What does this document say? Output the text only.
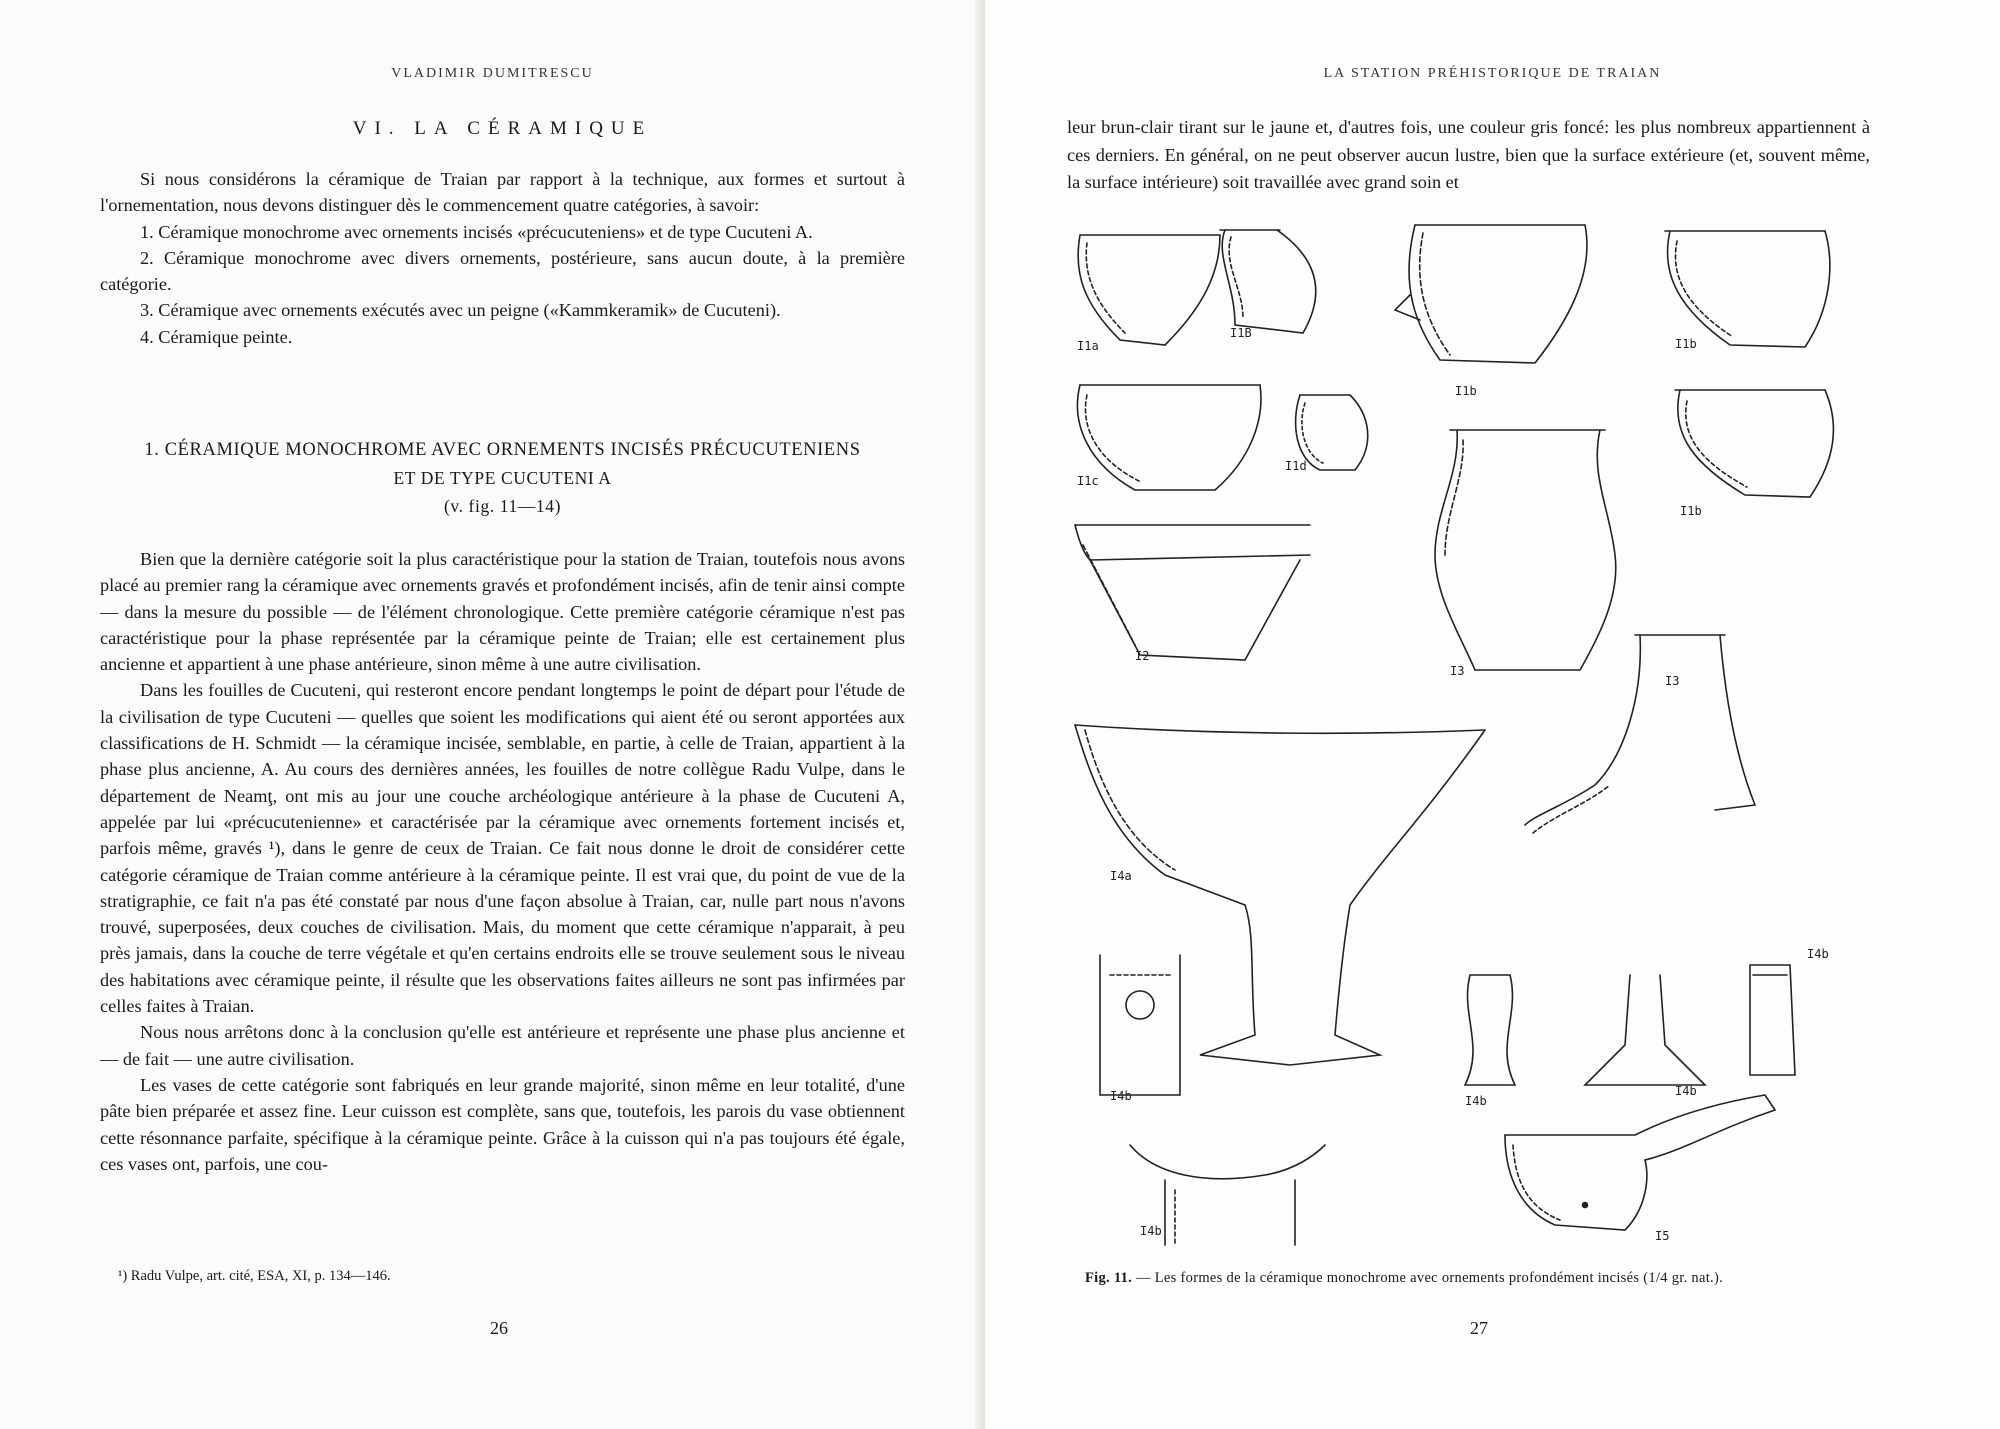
VLADIMIR DUMITRESCU
VI. LA CÉRAMIQUE

Si nous considérons la céramique de Traian par rapport à la technique, aux formes et surtout à l'ornementation, nous devons distinguer dès le commencement quatre catégories, à savoir:

1. Céramique monochrome avec ornements incisés «précucuteniens» et de type Cucuteni A.

2. Céramique monochrome avec divers ornements, postérieure, sans aucun doute, à la première catégorie.

3. Céramique avec ornements exécutés avec un peigne («Kammkeramik» de Cucuteni).

4. Céramique peinte.

1. CÉRAMIQUE MONOCHROME AVEC ORNEMENTS INCISÉS PRÉCUCUTENIENS

ET DE TYPE CUCUTENI A
(v. fig. 11—14)

Bien que la dernière catégorie soit la plus caractéristique pour la station de Traian, toutefois nous avons placé au premier rang la céramique avec ornements gravés et profondément incisés, afin de tenir ainsi compte — dans la mesure du possible — de l'élément chronologique. Cette première catégorie céramique n'est pas caractéristique pour la phase représentée par la céramique peinte de Traian; elle est certainement plus ancienne et appartient à une phase antérieure, sinon même à une autre civilisation.

Dans les fouilles de Cucuteni, qui resteront encore pendant longtemps le point de départ pour l'étude de la civilisation de type Cucuteni — quelles que soient les modifications qui aient été ou seront apportées aux classifications de H. Schmidt — la céramique incisée, semblable, en partie, à celle de Traian, appartient à la phase plus ancienne, A. Au cours des dernières années, les fouilles de notre collègue Radu Vulpe, dans le département de Neamţ, ont mis au jour une couche archéologique antérieure à la phase de Cucuteni A, appelée par lui «précucutenienne» et caractérisée par la céramique avec ornements fortement incisés et, parfois même, gravés ¹), dans le genre de ceux de Traian. Ce fait nous donne le droit de considérer cette catégorie céramique de Traian comme antérieure à la céramique peinte. Il est vrai que, du point de vue de la stratigraphie, ce fait n'a pas été constaté par nous d'une façon absolue à Traian, car, nulle part nous n'avons trouvé, superposées, deux couches de civilisation. Mais, du moment que cette céramique n'apparait, à peu près jamais, dans la couche de terre végétale et qu'en certains endroits elle se trouve seulement sous le niveau des habitations avec céramique peinte, il résulte que les observations faites ailleurs ne sont pas infirmées par celles faites à Traian.

Nous nous arrêtons donc à la conclusion qu'elle est antérieure et représente une phase plus ancienne et — de fait — une autre civilisation.

Les vases de cette catégorie sont fabriqués en leur grande majorité, sinon même en leur totalité, d'une pâte bien préparée et assez fine. Leur cuisson est complète, sans que, toutefois, les parois du vase obtiennent cette résonnance parfaite, spécifique à la céramique peinte. Grâce à la cuisson qui n'a pas toujours été égale, ces vases ont, parfois, une cou-

¹) Radu Vulpe, art. cité, ESA, XI, p. 134—146.
26
LA STATION PRÉHISTORIQUE DE TRAIAN

leur brun-clair tirant sur le jaune et, d'autres fois, une couleur gris foncé: les plus nombreux appartiennent à ces derniers. En général, on ne peut observer aucun lustre, bien que la surface extérieure (et, souvent même, la surface intérieure) soit travaillée avec grand soin et

I1a
I1B
I1b
I1b
I1c
I1d
I1b
I2
I3
I3
I4a
I4b	I4b
I4b
I4b
I4b	I5
Fig. 11. — Les formes de la céramique monochrome avec ornements profondément incisés (1/4 gr. nat.).
27
